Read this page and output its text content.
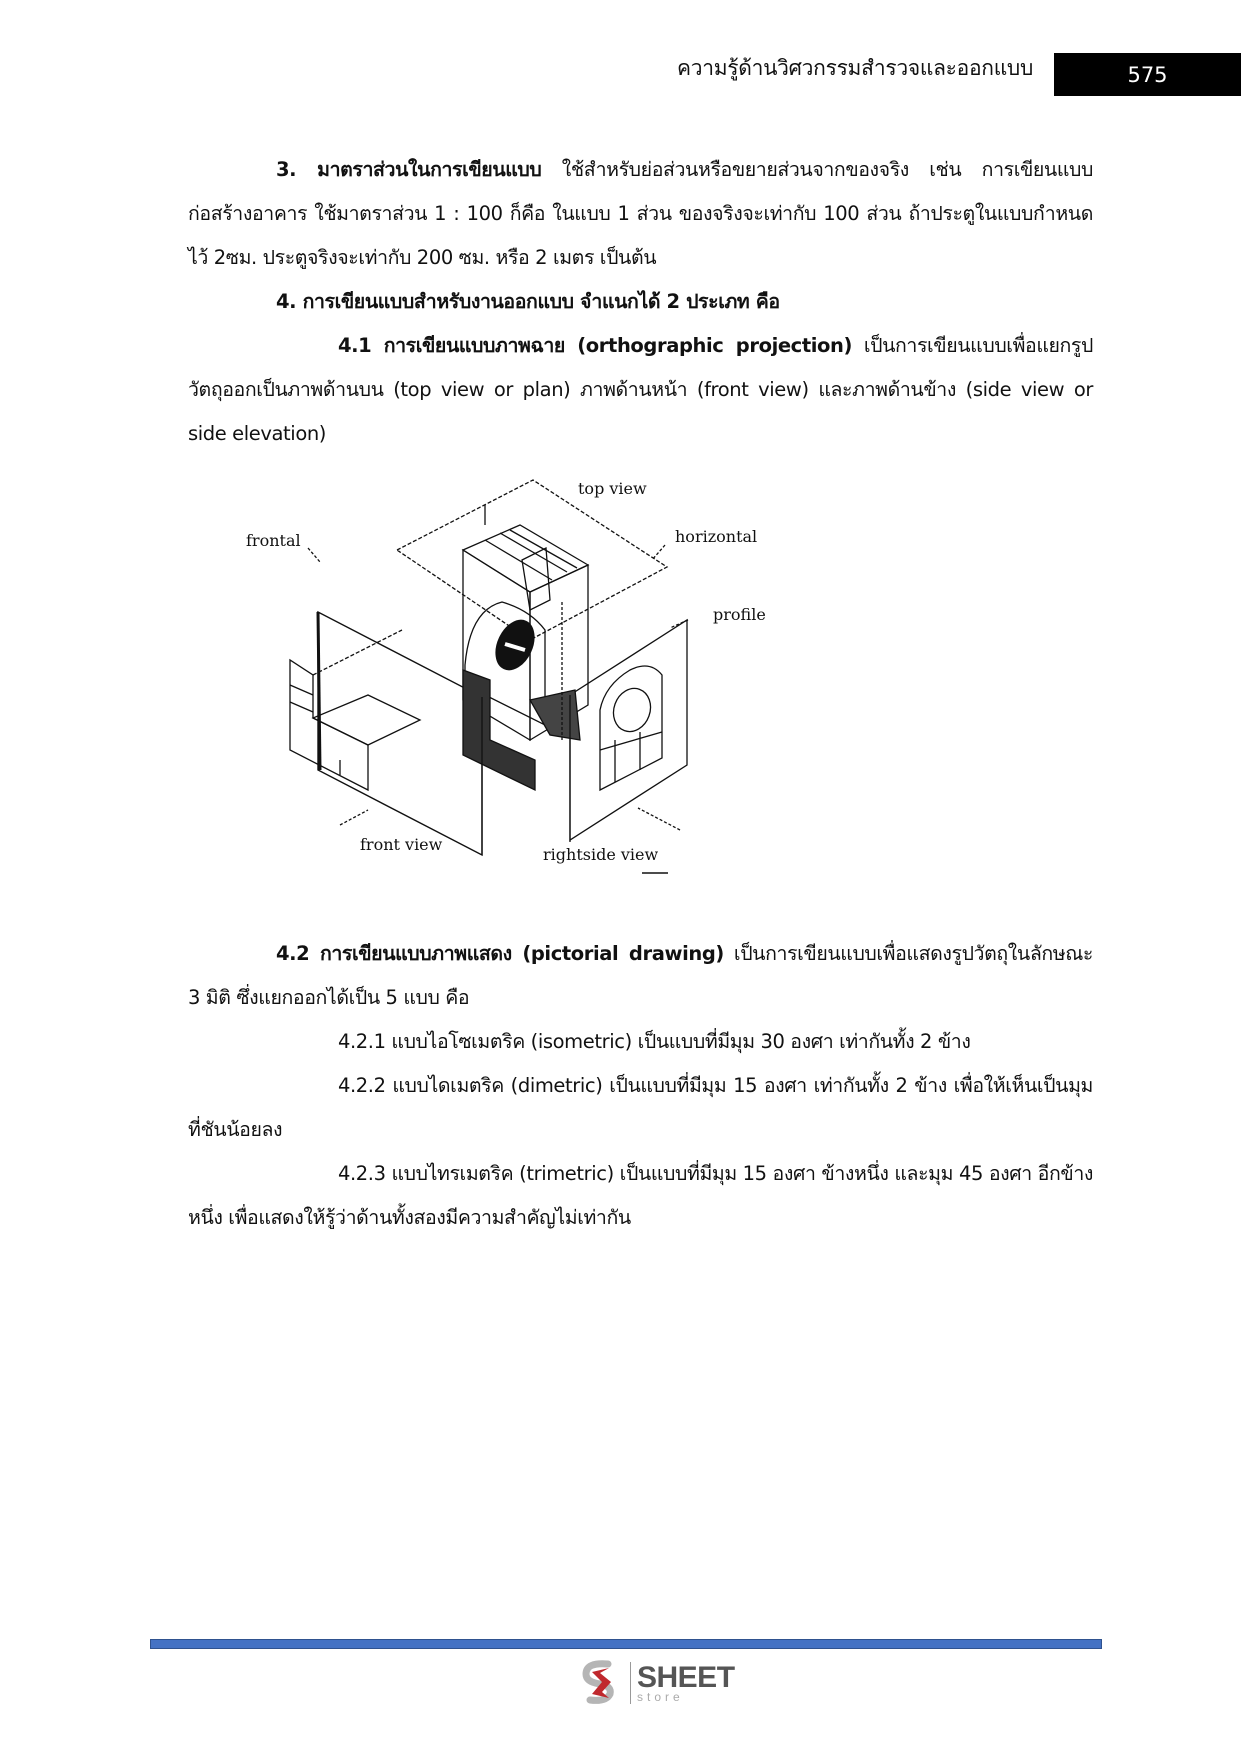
ความรู้ด้านวิศวกรรมสำรวจและออกแบบ	575

3. มาตราส่วนในการเขียนแบบ ใช้สำหรับย่อส่วนหรือขยายส่วนจากของจริง เช่น การเขียนแบบก่อสร้างอาคาร ใช้มาตราส่วน 1 : 100 ก็คือ ในแบบ 1 ส่วน ของจริงจะเท่ากับ 100 ส่วน ถ้าประตูในแบบกำหนดไว้ 2ซม. ประตูจริงจะเท่ากับ 200 ซม. หรือ 2 เมตร เป็นต้น

4. การเขียนแบบสำหรับงานออกแบบ จำแนกได้ 2 ประเภท คือ

4.1 การเขียนแบบภาพฉาย (orthographic projection) เป็นการเขียนแบบเพื่อแยกรูปวัตถุออกเป็นภาพด้านบน (top view or plan) ภาพด้านหน้า (front view) และภาพด้านข้าง (side view or side elevation)

top view
horizontal
frontal
profile
front view
rightside view

4.2 การเขียนแบบภาพแสดง (pictorial drawing) เป็นการเขียนแบบเพื่อแสดงรูปวัตถุในลักษณะ 3 มิติ ซึ่งแยกออกได้เป็น 5 แบบ คือ

4.2.1 แบบไอโซเมตริค (isometric) เป็นแบบที่มีมุม 30 องศา เท่ากันทั้ง 2 ข้าง

4.2.2 แบบไดเมตริค (dimetric) เป็นแบบที่มีมุม 15 องศา เท่ากันทั้ง 2 ข้าง เพื่อให้เห็นเป็นมุมที่ชันน้อยลง

4.2.3 แบบไทรเมตริค (trimetric) เป็นแบบที่มีมุม 15 องศา ข้างหนึ่ง และมุม 45 องศา อีกข้างหนึ่ง เพื่อแสดงให้รู้ว่าด้านทั้งสองมีความสำคัญไม่เท่ากัน

SHEET
store
